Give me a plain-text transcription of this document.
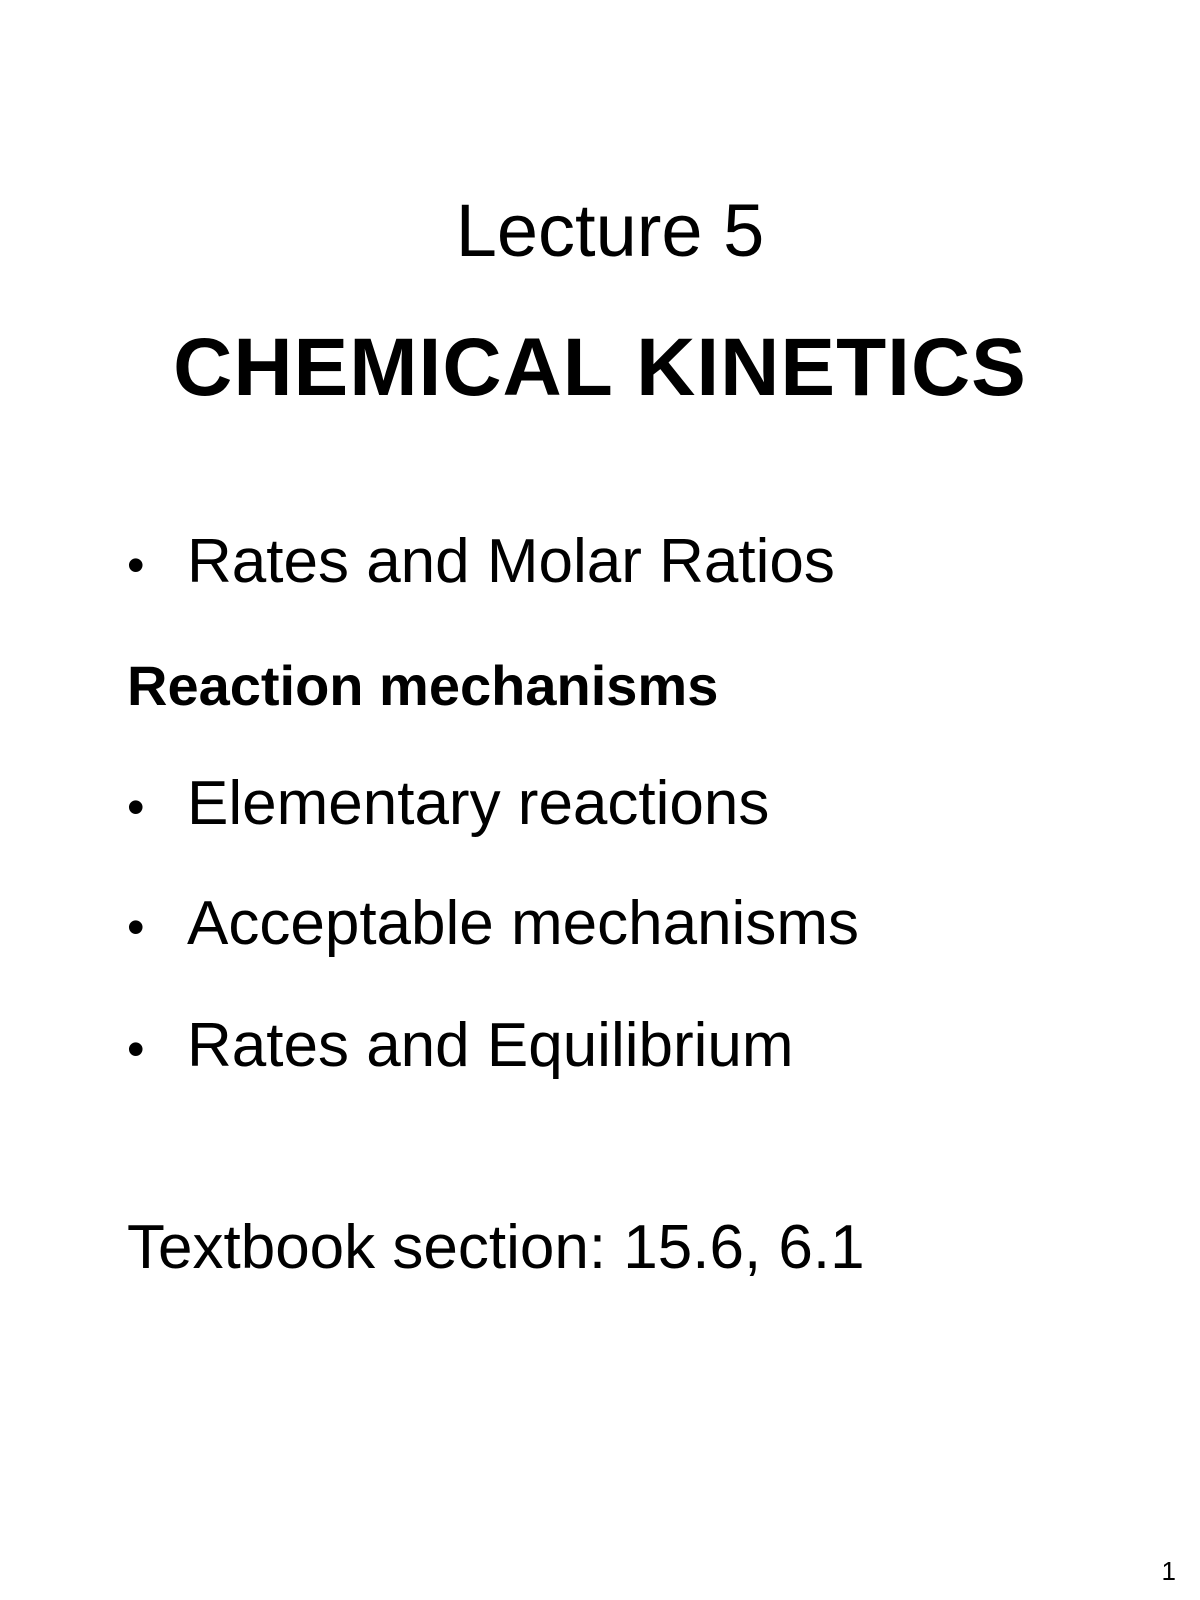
Lecture 5
CHEMICAL KINETICS
• Rates and Molar Ratios
Reaction mechanisms
• Elementary reactions
• Acceptable mechanisms
• Rates and Equilibrium
Textbook section: 15.6, 6.1
1
